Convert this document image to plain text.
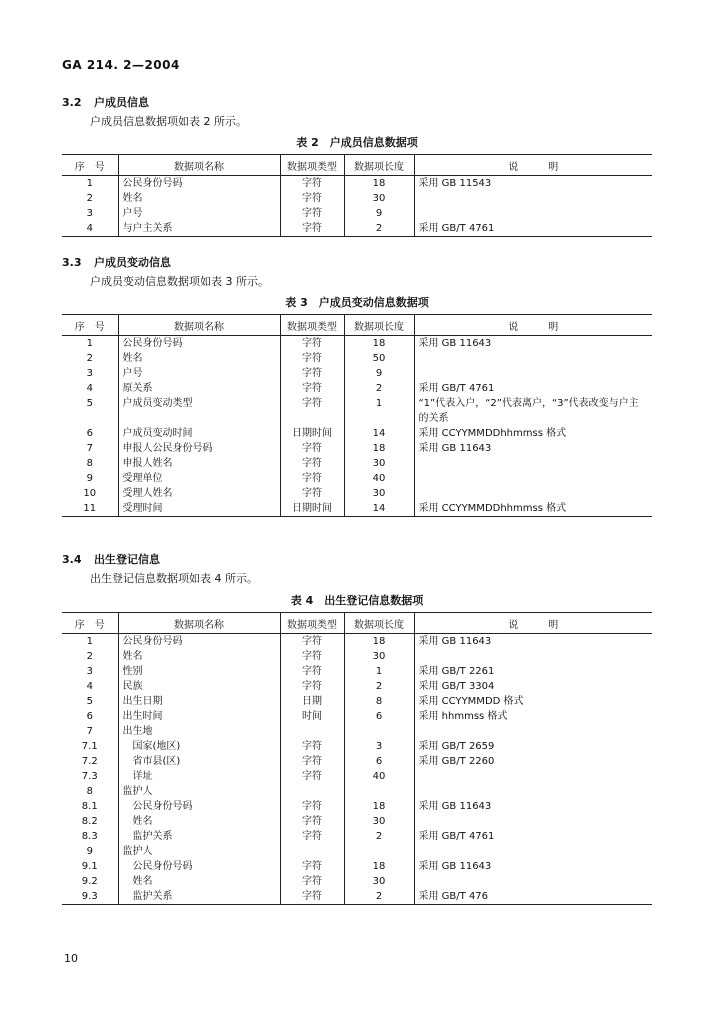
GA 214. 2—2004
3.2 户成员信息
户成员信息数据项如表 2 所示。
表 2　户成员信息数据项
序　号	数据项名称	数据项类型	数据项长度	说　　　明
1	公民身份号码	字符	18	采用 GB 11543
2	姓名	字符	30	
3	户号	字符	9	
4	与户主关系	字符	2	采用 GB/T 4761
3.3 户成员变动信息
户成员变动信息数据项如表 3 所示。
表 3　户成员变动信息数据项
序　号	数据项名称	数据项类型	数据项长度	说　　　明
1	公民身份号码	字符	18	采用 GB 11643
2	姓名	字符	50	
3	户号	字符	9	
4	原关系	字符	2	采用 GB/T 4761
5	户成员变动类型	字符	1	“1”代表入户，“2”代表离户，“3”代表改变与户主的关系
6	户成员变动时间	日期时间	14	采用 CCYYMMDDhhmmss 格式
7	申报人公民身份号码	字符	18	采用 GB 11643
8	申报人姓名	字符	30	
9	受理单位	字符	40	
10	受理人姓名	字符	30	
11	受理时间	日期时间	14	采用 CCYYMMDDhhmmss 格式
3.4 出生登记信息
出生登记信息数据项如表 4 所示。
表 4　出生登记信息数据项
序　号	数据项名称	数据项类型	数据项长度	说　　　明
1	公民身份号码	字符	18	采用 GB 11643
2	姓名	字符	30	
3	性别	字符	1	采用 GB/T 2261
4	民族	字符	2	采用 GB/T 3304
5	出生日期	日期	8	采用 CCYYMMDD 格式
6	出生时间	时间	6	采用 hhmmss 格式
7	出生地			
7.1	国家(地区)	字符	3	采用 GB/T 2659
7.2	省市县(区)	字符	6	采用 GB/T 2260
7.3	详址	字符	40	
8	监护人			
8.1	公民身份号码	字符	18	采用 GB 11643
8.2	姓名	字符	30	
8.3	监护关系	字符	2	采用 GB/T 4761
9	监护人			
9.1	公民身份号码	字符	18	采用 GB 11643
9.2	姓名	字符	30	
9.3	监护关系	字符	2	采用 GB/T 476
10
